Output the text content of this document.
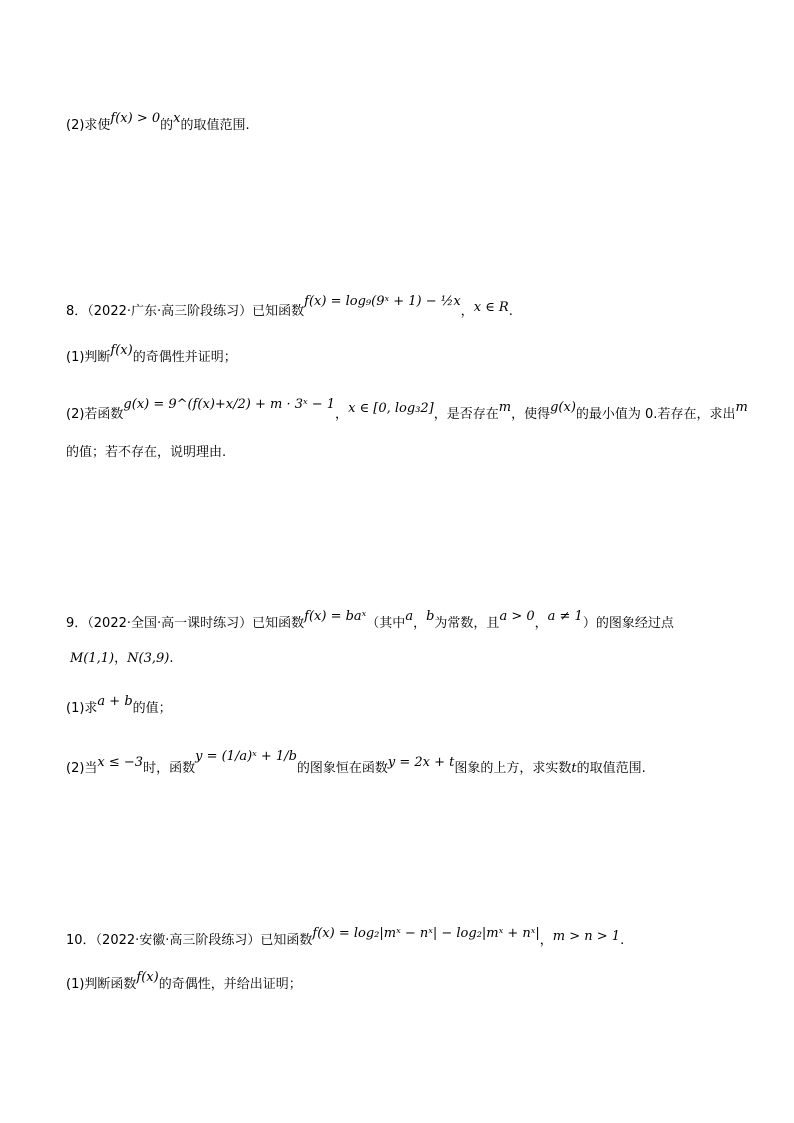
(2)求使f(x) > 0的x的取值范围.
8．（2022·广东·高三阶段练习）已知函数f(x) = log₉(9ˣ + 1) − ½x，x ∈ R.
(1)判断f(x)的奇偶性并证明；
(2)若函数g(x) = 9^(f(x)+x/2) + m · 3ˣ − 1，x ∈ [0, log₃2]，是否存在m，使得g(x)的最小值为 0.若存在，求出m
的值；若不存在，说明理由.
9．（2022·全国·高一课时练习）已知函数f(x) = baˣ（其中a，b为常数，且a > 0，a ≠ 1）的图象经过点
M(1,1)，N(3,9).
(1)求a + b的值；
(2)当x ≤ −3时，函数y = (1/a)ˣ + 1/b的图象恒在函数y = 2x + t图象的上方，求实数t的取值范围.
10．（2022·安徽·高三阶段练习）已知函数f(x) = log₂|mˣ − nˣ| − log₂|mˣ + nˣ|，m > n > 1.
(1)判断函数f(x)的奇偶性，并给出证明；
